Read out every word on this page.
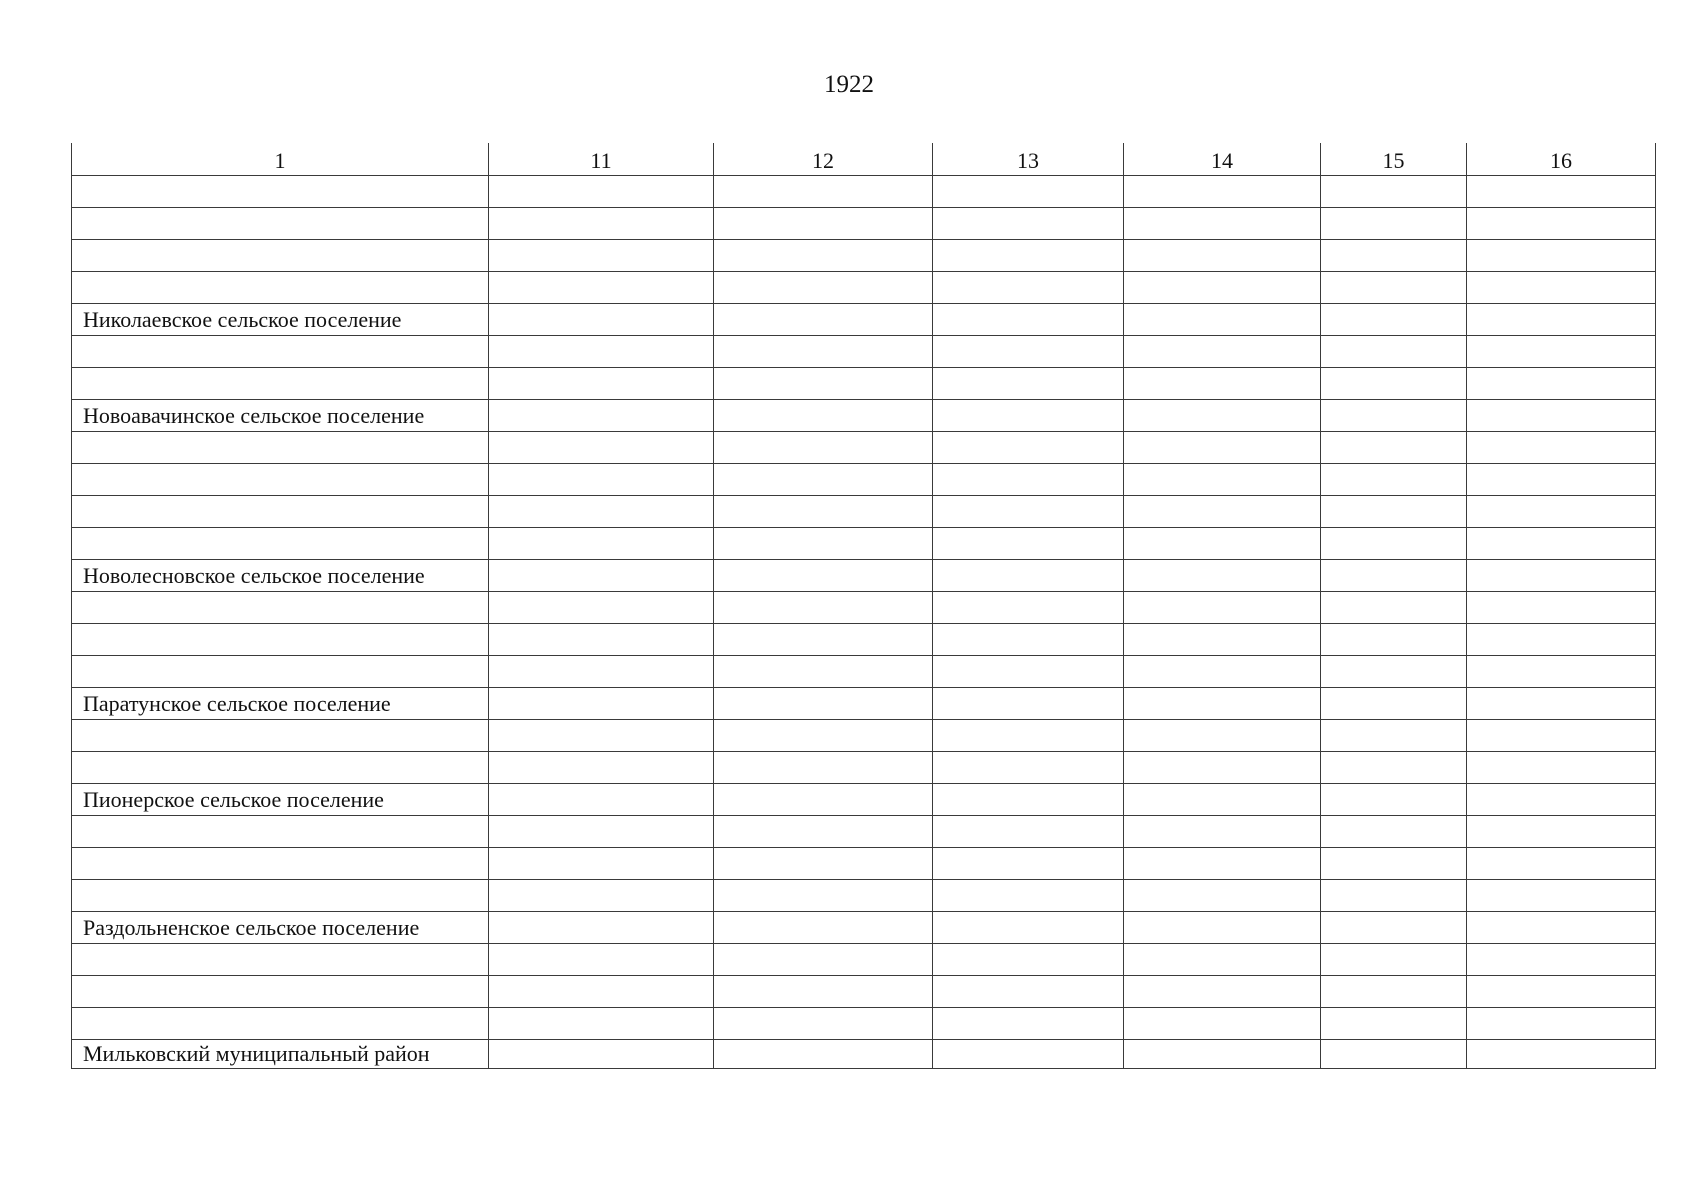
1922
1	11	12	13	14	15	16

Николаевское сельское поселение						

Новоавачинское сельское поселение						

Новолесновское сельское поселение						

Паратунское сельское поселение						

Пионерское сельское поселение						

Раздольненское сельское поселение						

Мильковский муниципальный район						
